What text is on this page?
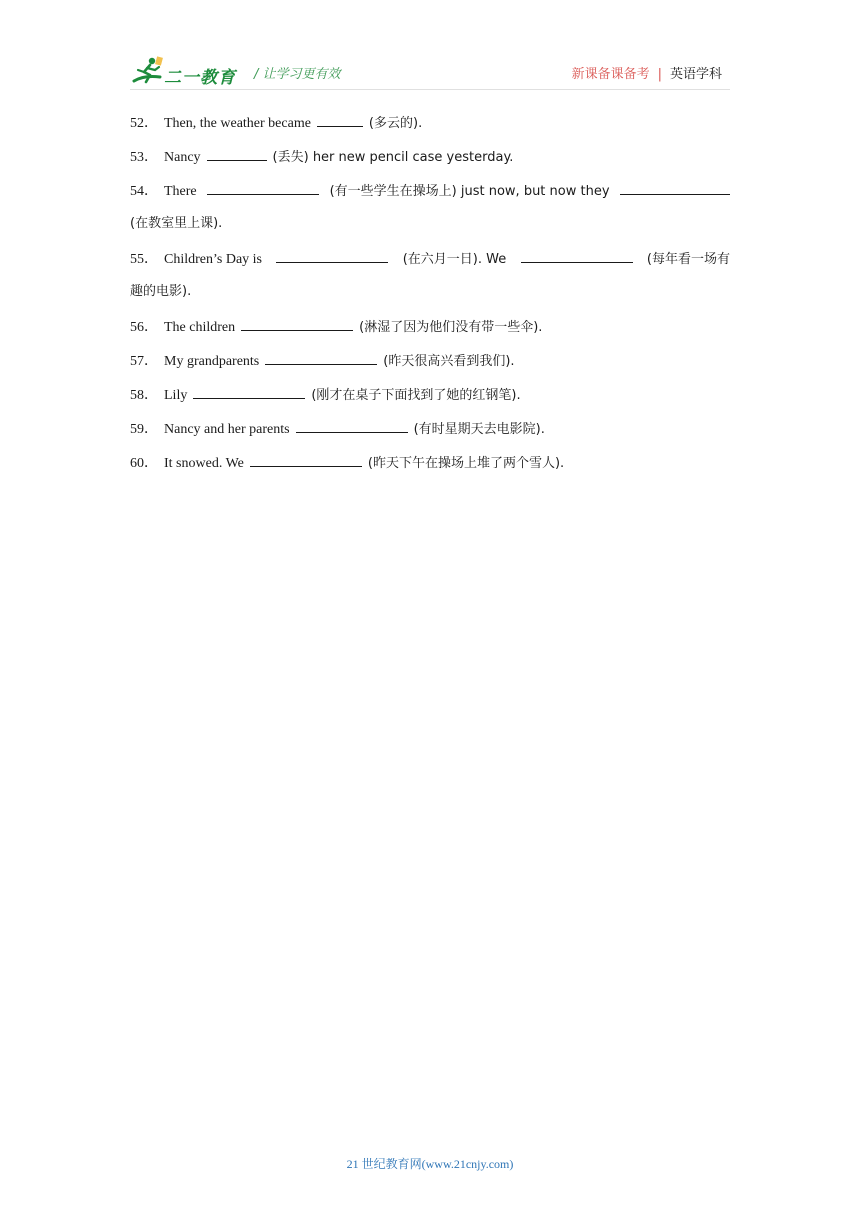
二一教育 / 让学习更有效	新课备课备考 | 英语学科
52． Then, the weather became	(多云的).
53． Nancy	(丢失) her new pencil case yesterday.
54． There	(有一些学生在操场上) just now, but now they
(在教室里上课).
55． Children’s Day is	(在六月一日). We	(每年看一场有
趣的电影).
56． The children	(淋湿了因为他们没有带一些伞).
57． My grandparents	(昨天很高兴看到我们).
58． Lily	(刚才在桌子下面找到了她的红钢笔).
59． Nancy and her parents	(有时星期天去电影院).
60． It snowed. We	(昨天下午在操场上堆了两个雪人).
21 世纪教育网(www.21cnjy.com)
